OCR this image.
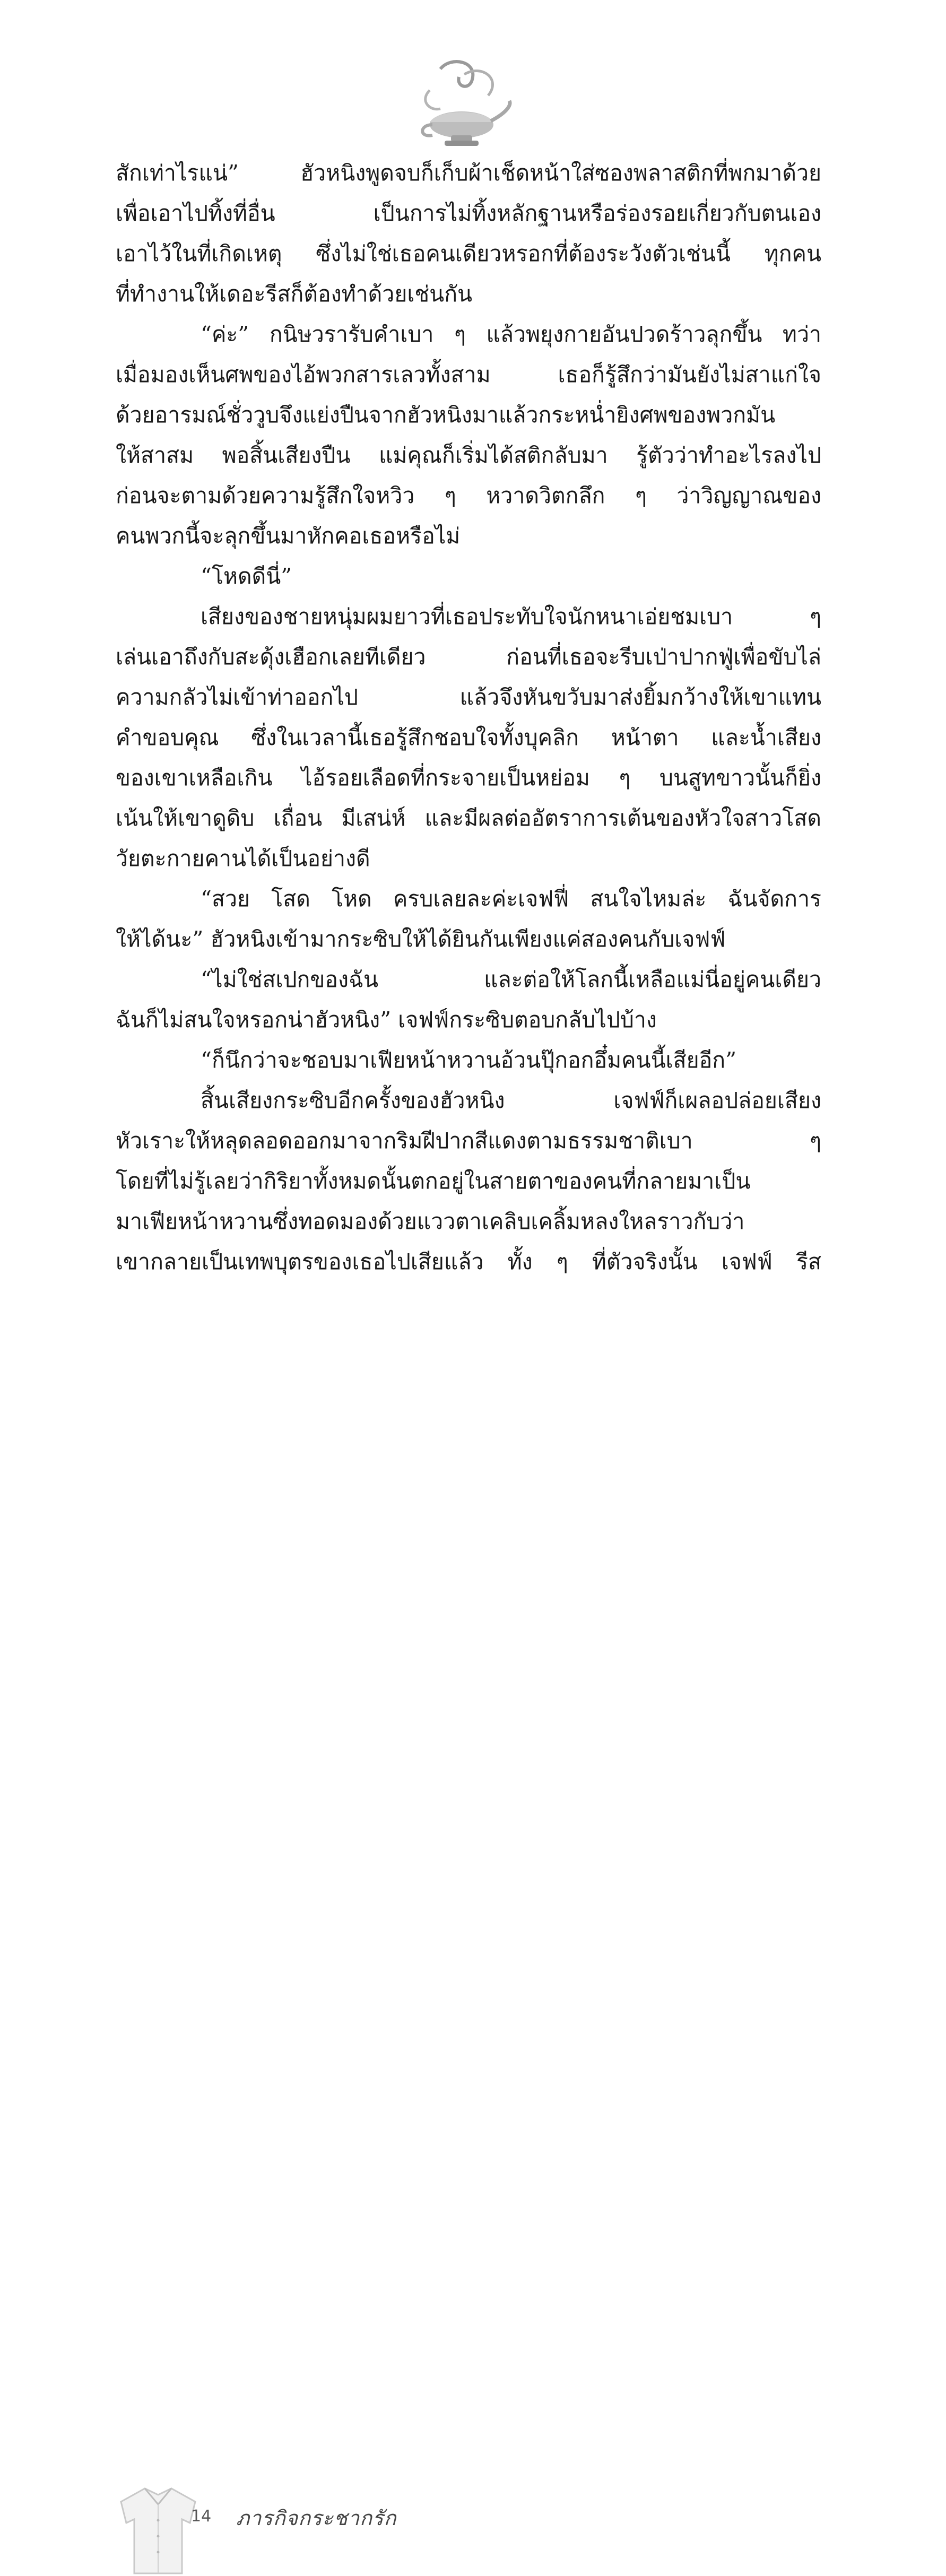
สักเท่าไรแน่” ฮัวหนิงพูดจบก็เก็บผ้าเช็ดหน้าใส่ซองพลาสติกที่พกมาด้วย
เพื่อเอาไปทิ้งที่อื่น เป็นการไม่ทิ้งหลักฐานหรือร่องรอยเกี่ยวกับตนเอง
เอาไว้ในที่เกิดเหตุ ซึ่งไม่ใช่เธอคนเดียวหรอกที่ต้องระวังตัวเช่นนี้ ทุกคน
ที่ทำงานให้เดอะรีสก็ต้องทำด้วยเช่นกัน
“ค่ะ” กนิษวรารับคำเบา ๆ แล้วพยุงกายอันปวดร้าวลุกขึ้น ทว่า
เมื่อมองเห็นศพของไอ้พวกสารเลวทั้งสาม เธอก็รู้สึกว่ามันยังไม่สาแก่ใจ
ด้วยอารมณ์ชั่ววูบจึงแย่งปืนจากฮัวหนิงมาแล้วกระหน่ำยิงศพของพวกมัน
ให้สาสม พอสิ้นเสียงปืน แม่คุณก็เริ่มได้สติกลับมา รู้ตัวว่าทำอะไรลงไป
ก่อนจะตามด้วยความรู้สึกใจหวิว ๆ หวาดวิตกลึก ๆ ว่าวิญญาณของ
คนพวกนี้จะลุกขึ้นมาหักคอเธอหรือไม่
“โหดดีนี่”
เสียงของชายหนุ่มผมยาวที่เธอประทับใจนักหนาเอ่ยชมเบา ๆ
เล่นเอาถึงกับสะดุ้งเฮือกเลยทีเดียว ก่อนที่เธอจะรีบเป่าปากฟู่เพื่อขับไล่
ความกลัวไม่เข้าท่าออกไป แล้วจึงหันขวับมาส่งยิ้มกว้างให้เขาแทน
คำขอบคุณ ซึ่งในเวลานี้เธอรู้สึกชอบใจทั้งบุคลิก หน้าตา และน้ำเสียง
ของเขาเหลือเกิน ไอ้รอยเลือดที่กระจายเป็นหย่อม ๆ บนสูทขาวนั้นก็ยิ่ง
เน้นให้เขาดูดิบ เถื่อน มีเสน่ห์ และมีผลต่ออัตราการเต้นของหัวใจสาวโสด
วัยตะกายคานได้เป็นอย่างดี
“สวย โสด โหด ครบเลยละค่ะเจฟฟี่ สนใจไหมล่ะ ฉันจัดการ
ให้ได้นะ” ฮัวหนิงเข้ามากระซิบให้ได้ยินกันเพียงแค่สองคนกับเจฟฟ์
“ไม่ใช่สเปกของฉัน และต่อให้โลกนี้เหลือแม่นี่อยู่คนเดียว
ฉันก็ไม่สนใจหรอกน่าฮัวหนิง” เจฟฟ์กระซิบตอบกลับไปบ้าง
“ก็นึกว่าจะชอบมาเฟียหน้าหวานอ้วนปุ๊กอกอึ๋มคนนี้เสียอีก”
สิ้นเสียงกระซิบอีกครั้งของฮัวหนิง เจฟฟ์ก็เผลอปล่อยเสียง
หัวเราะให้หลุดลอดออกมาจากริมฝีปากสีแดงตามธรรมชาติเบา ๆ
โดยที่ไม่รู้เลยว่ากิริยาทั้งหมดนั้นตกอยู่ในสายตาของคนที่กลายมาเป็น
มาเฟียหน้าหวานซึ่งทอดมองด้วยแววตาเคลิบเคลิ้มหลงใหลราวกับว่า
เขากลายเป็นเทพบุตรของเธอไปเสียแล้ว ทั้ง ๆ ที่ตัวจริงนั้น เจฟฟ์ รีส
14 ภารกิจกระชากรัก
